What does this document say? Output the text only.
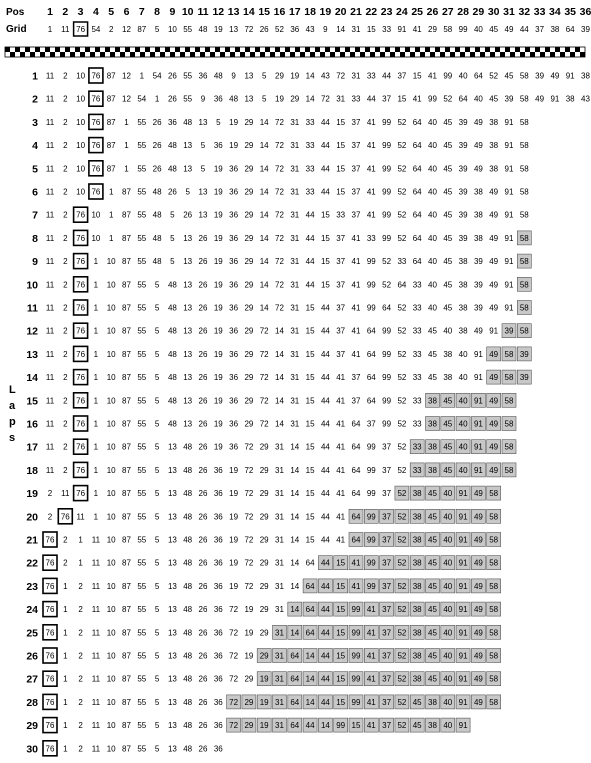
Pos
Grid
1 2 3 4 5 6 7 8 9 10 11 12 13 14 15 16 17 18 19 20 21 22 23 24 25 26 27 28 29 30 31 32 33 34 35 36
1 11 76 54 2 12 87 5 10 55 48 19 13 72 26 52 36 43 9 14 31 15 33 91 41 29 58 99 40 45 49 44 37 38 64 39
L
a
p
s
1 11 2 10 76 87 12 1 54 26 55 36 48 9 13 5 29 19 14 43 72 31 33 44 37 15 41 99 40 64 52 45 58 39 49 91 38
2 11 2 10 76 87 12 54 1 26 55 9 36 48 13 5 19 29 14 72 31 33 44 37 15 41 99 52 64 40 45 39 58 49 91 38 43
3 11 2 10 76 87 1 55 26 36 48 13 5 19 29 14 72 31 33 44 15 37 41 99 52 64 40 45 39 49 38 91 58
4 11 2 10 76 87 1 55 26 48 13 5 36 19 29 14 72 31 33 44 15 37 41 99 52 64 40 45 39 49 38 91 58
5 11 2 10 76 87 1 55 26 48 13 5 19 36 29 14 72 31 33 44 15 37 41 99 52 64 40 45 39 49 38 91 58
6 11 2 10 76 1 87 55 48 26 5 13 19 36 29 14 72 31 33 44 15 37 41 99 52 64 40 45 39 38 49 91 58
7 11 2 76 10 1 87 55 48 5 26 13 19 36 29 14 72 31 44 15 33 37 41 99 52 64 40 45 39 38 49 91 58
8 11 2 76 10 1 87 55 48 5 13 26 19 36 29 14 72 31 44 15 37 41 33 99 52 64 40 45 39 38 49 91 58
9 11 2 76 1 10 87 55 48 5 13 26 19 36 29 14 72 31 44 15 37 41 99 52 33 64 40 45 38 39 49 91 58
10 11 2 76 1 10 87 55 5 48 13 26 19 36 29 14 72 31 44 15 37 41 99 52 64 33 40 45 38 39 49 91 58
11 11 2 76 1 10 87 55 5 48 13 26 19 36 29 14 72 31 15 44 37 41 99 64 52 33 40 45 38 39 49 91 58
12 11 2 76 1 10 87 55 5 48 13 26 19 36 29 72 14 31 15 44 37 41 64 99 52 33 45 40 38 49 91 39 58
13 11 2 76 1 10 87 55 5 48 13 26 19 36 29 72 14 31 15 44 37 41 64 99 52 33 45 38 40 91 49 58 39
14 11 2 76 1 10 87 55 5 48 13 26 19 36 29 72 14 31 15 44 41 37 64 99 52 33 45 38 40 91 49 58 39
15 11 2 76 1 10 87 55 5 48 13 26 19 36 29 72 14 31 15 44 41 37 64 99 52 33 38 45 40 91 49 58
16 11 2 76 1 10 87 55 5 48 13 26 19 36 29 72 14 31 15 44 41 64 37 99 52 33 38 45 40 91 49 58
17 11 2 76 1 10 87 55 5 13 48 26 19 36 72 29 31 14 15 44 41 64 99 37 52 33 38 45 40 91 49 58
18 11 2 76 1 10 87 55 5 13 48 26 36 19 72 29 31 14 15 44 41 64 99 37 52 33 38 45 40 91 49 58
19 2 11 76 1 10 87 55 5 13 48 26 36 19 72 29 31 14 15 44 41 64 99 37 52 38 45 40 91 49 58
20 2 76 11 1 10 87 55 5 13 48 26 36 19 72 29 31 14 15 44 41 64 99 37 52 38 45 40 91 49 58
21 76 2 1 11 10 87 55 5 13 48 26 36 19 72 29 31 14 15 44 41 64 99 37 52 38 45 40 91 49 58
22 76 2 1 11 10 87 55 5 13 48 26 36 19 72 29 31 14 64 44 15 41 99 37 52 38 45 40 91 49 58
23 76 1 2 11 10 87 55 5 13 48 26 36 19 72 29 31 14 64 44 15 41 99 37 52 38 45 40 91 49 58
24 76 1 2 11 10 87 55 5 13 48 26 36 72 19 29 31 14 64 44 15 99 41 37 52 38 45 40 91 49 58
25 76 1 2 11 10 87 55 5 13 48 26 36 72 19 29 31 14 64 44 15 99 41 37 52 38 45 40 91 49 58
26 76 1 2 11 10 87 55 5 13 48 26 36 72 19 29 31 64 14 44 15 99 41 37 52 38 45 40 91 49 58
27 76 1 2 11 10 87 55 5 13 48 26 36 72 29 19 31 64 14 44 15 99 41 37 52 38 45 40 91 49 58
28 76 1 2 11 10 87 55 5 13 48 26 36 72 29 19 31 64 14 44 15 99 41 37 52 45 38 40 91 49 58
29 76 1 2 11 10 87 55 5 13 48 26 36 72 29 19 31 64 44 14 99 15 41 37 52 45 38 40 91
30 76 1 2 11 10 87 55 5 13 48 26 36
